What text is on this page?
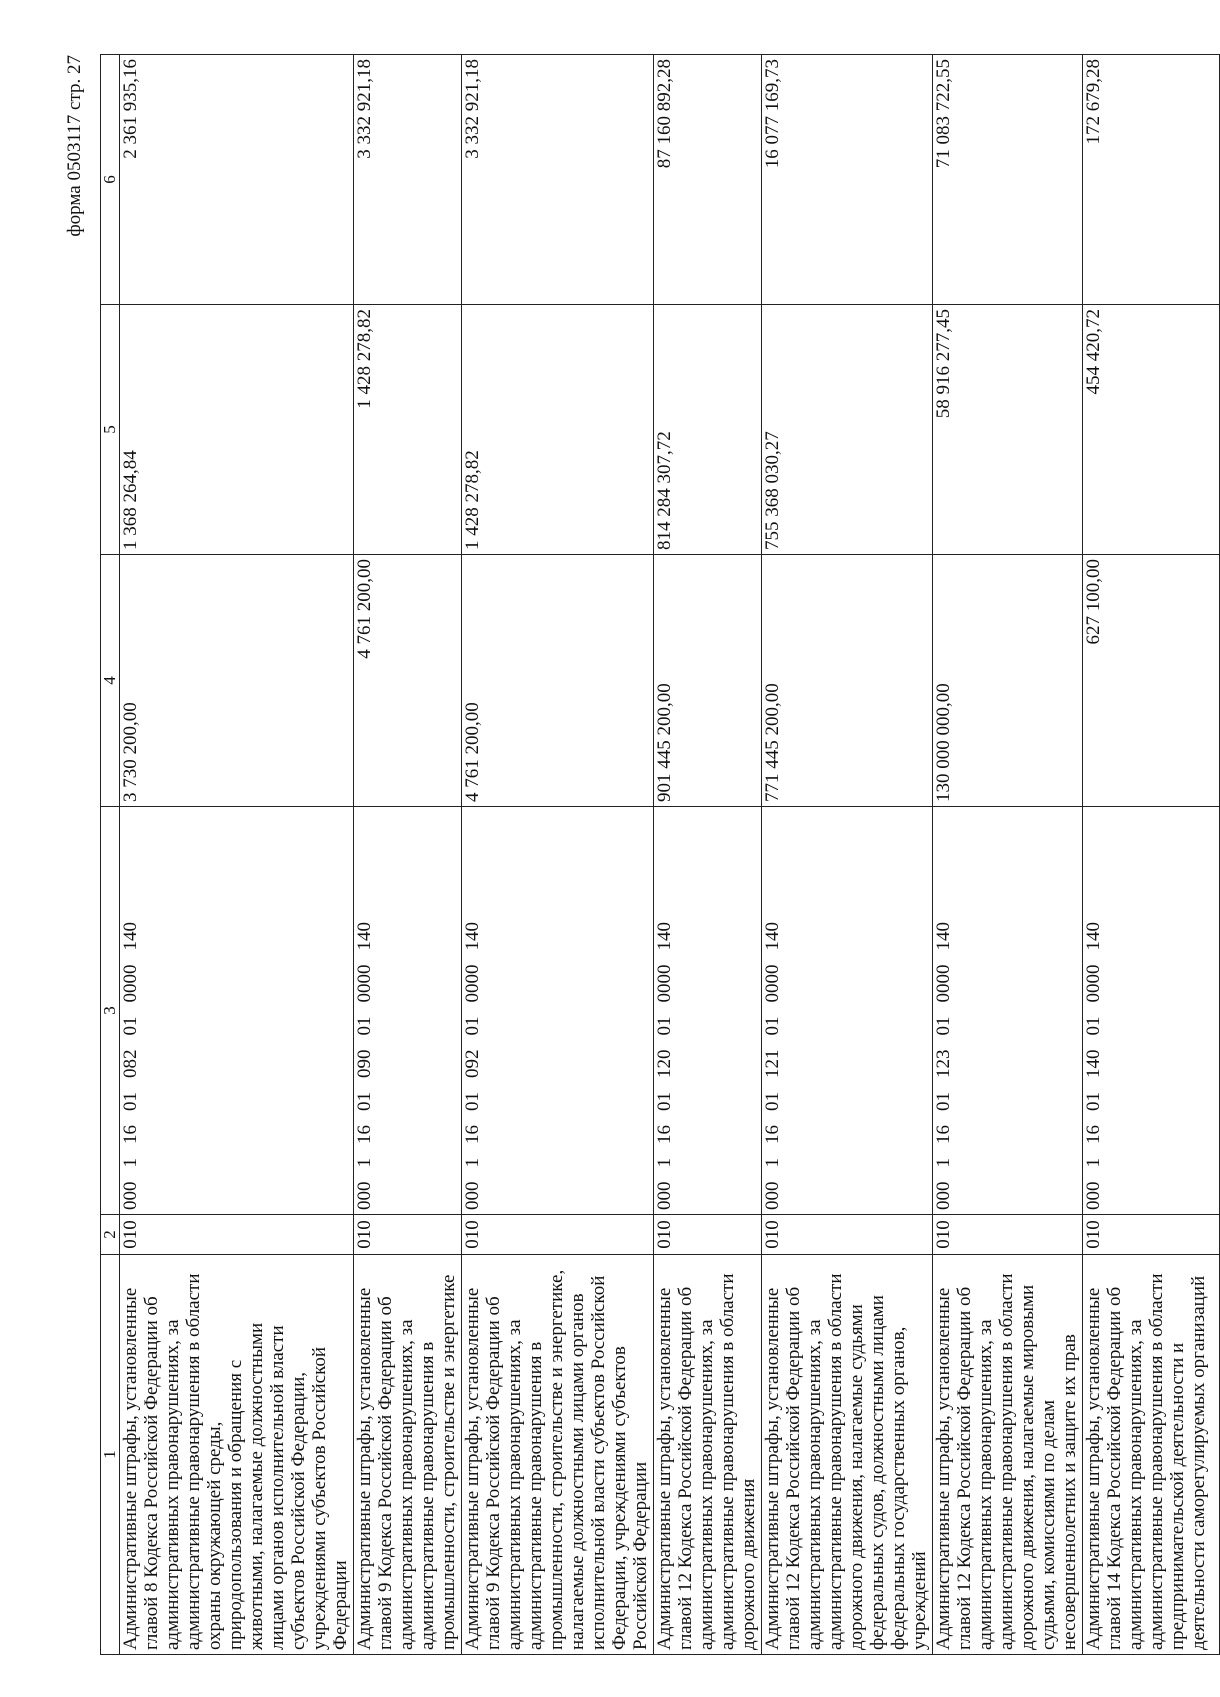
форма 0503117 стр. 27
1	2	3	4	5	6
Административные штрафы, установленные главой 8 Кодекса Российской Федерации об административных правонарушениях, за административные правонарушения в области охраны окружающей среды, природопользования и обращения с животными, налагаемые должностными лицами органов исполнительной власти субъектов Российской Федерации, учреждениями субъектов Российской Федерации	010	00011601082010000140	3 730 200,00	1 368 264,84	2 361 935,16
Административные штрафы, установленные главой 9 Кодекса Российской Федерации об административных правонарушениях, за административные правонарушения в промышленности, строительстве и энергетике	010	00011601090010000140	4 761 200,00	1 428 278,82	3 332 921,18
Административные штрафы, установленные главой 9 Кодекса Российской Федерации об административных правонарушениях, за административные правонарушения в промышленности, строительстве и энергетике, налагаемые должностными лицами органов исполнительной власти субъектов Российской Федерации, учреждениями субъектов Российской Федерации	010	00011601092010000140	4 761 200,00	1 428 278,82	3 332 921,18
Административные штрафы, установленные главой 12 Кодекса Российской Федерации об административных правонарушениях, за административные правонарушения в области дорожного движения	010	00011601120010000140	901 445 200,00	814 284 307,72	87 160 892,28
Административные штрафы, установленные главой 12 Кодекса Российской Федерации об административных правонарушениях, за административные правонарушения в области дорожного движения, налагаемые судьями федеральных судов, должностными лицами федеральных государственных органов, учреждений	010	00011601121010000140	771 445 200,00	755 368 030,27	16 077 169,73
Административные штрафы, установленные главой 12 Кодекса Российской Федерации об административных правонарушениях, за административные правонарушения в области дорожного движения, налагаемые мировыми судьями, комиссиями по делам несовершеннолетних и защите их прав	010	00011601123010000140	130 000 000,00	58 916 277,45	71 083 722,55
Административные штрафы, установленные главой 14 Кодекса Российской Федерации об административных правонарушениях, за административные правонарушения в области предпринимательской деятельности и деятельности саморегулируемых организаций	010	00011601140010000140	627 100,00	454 420,72	172 679,28
